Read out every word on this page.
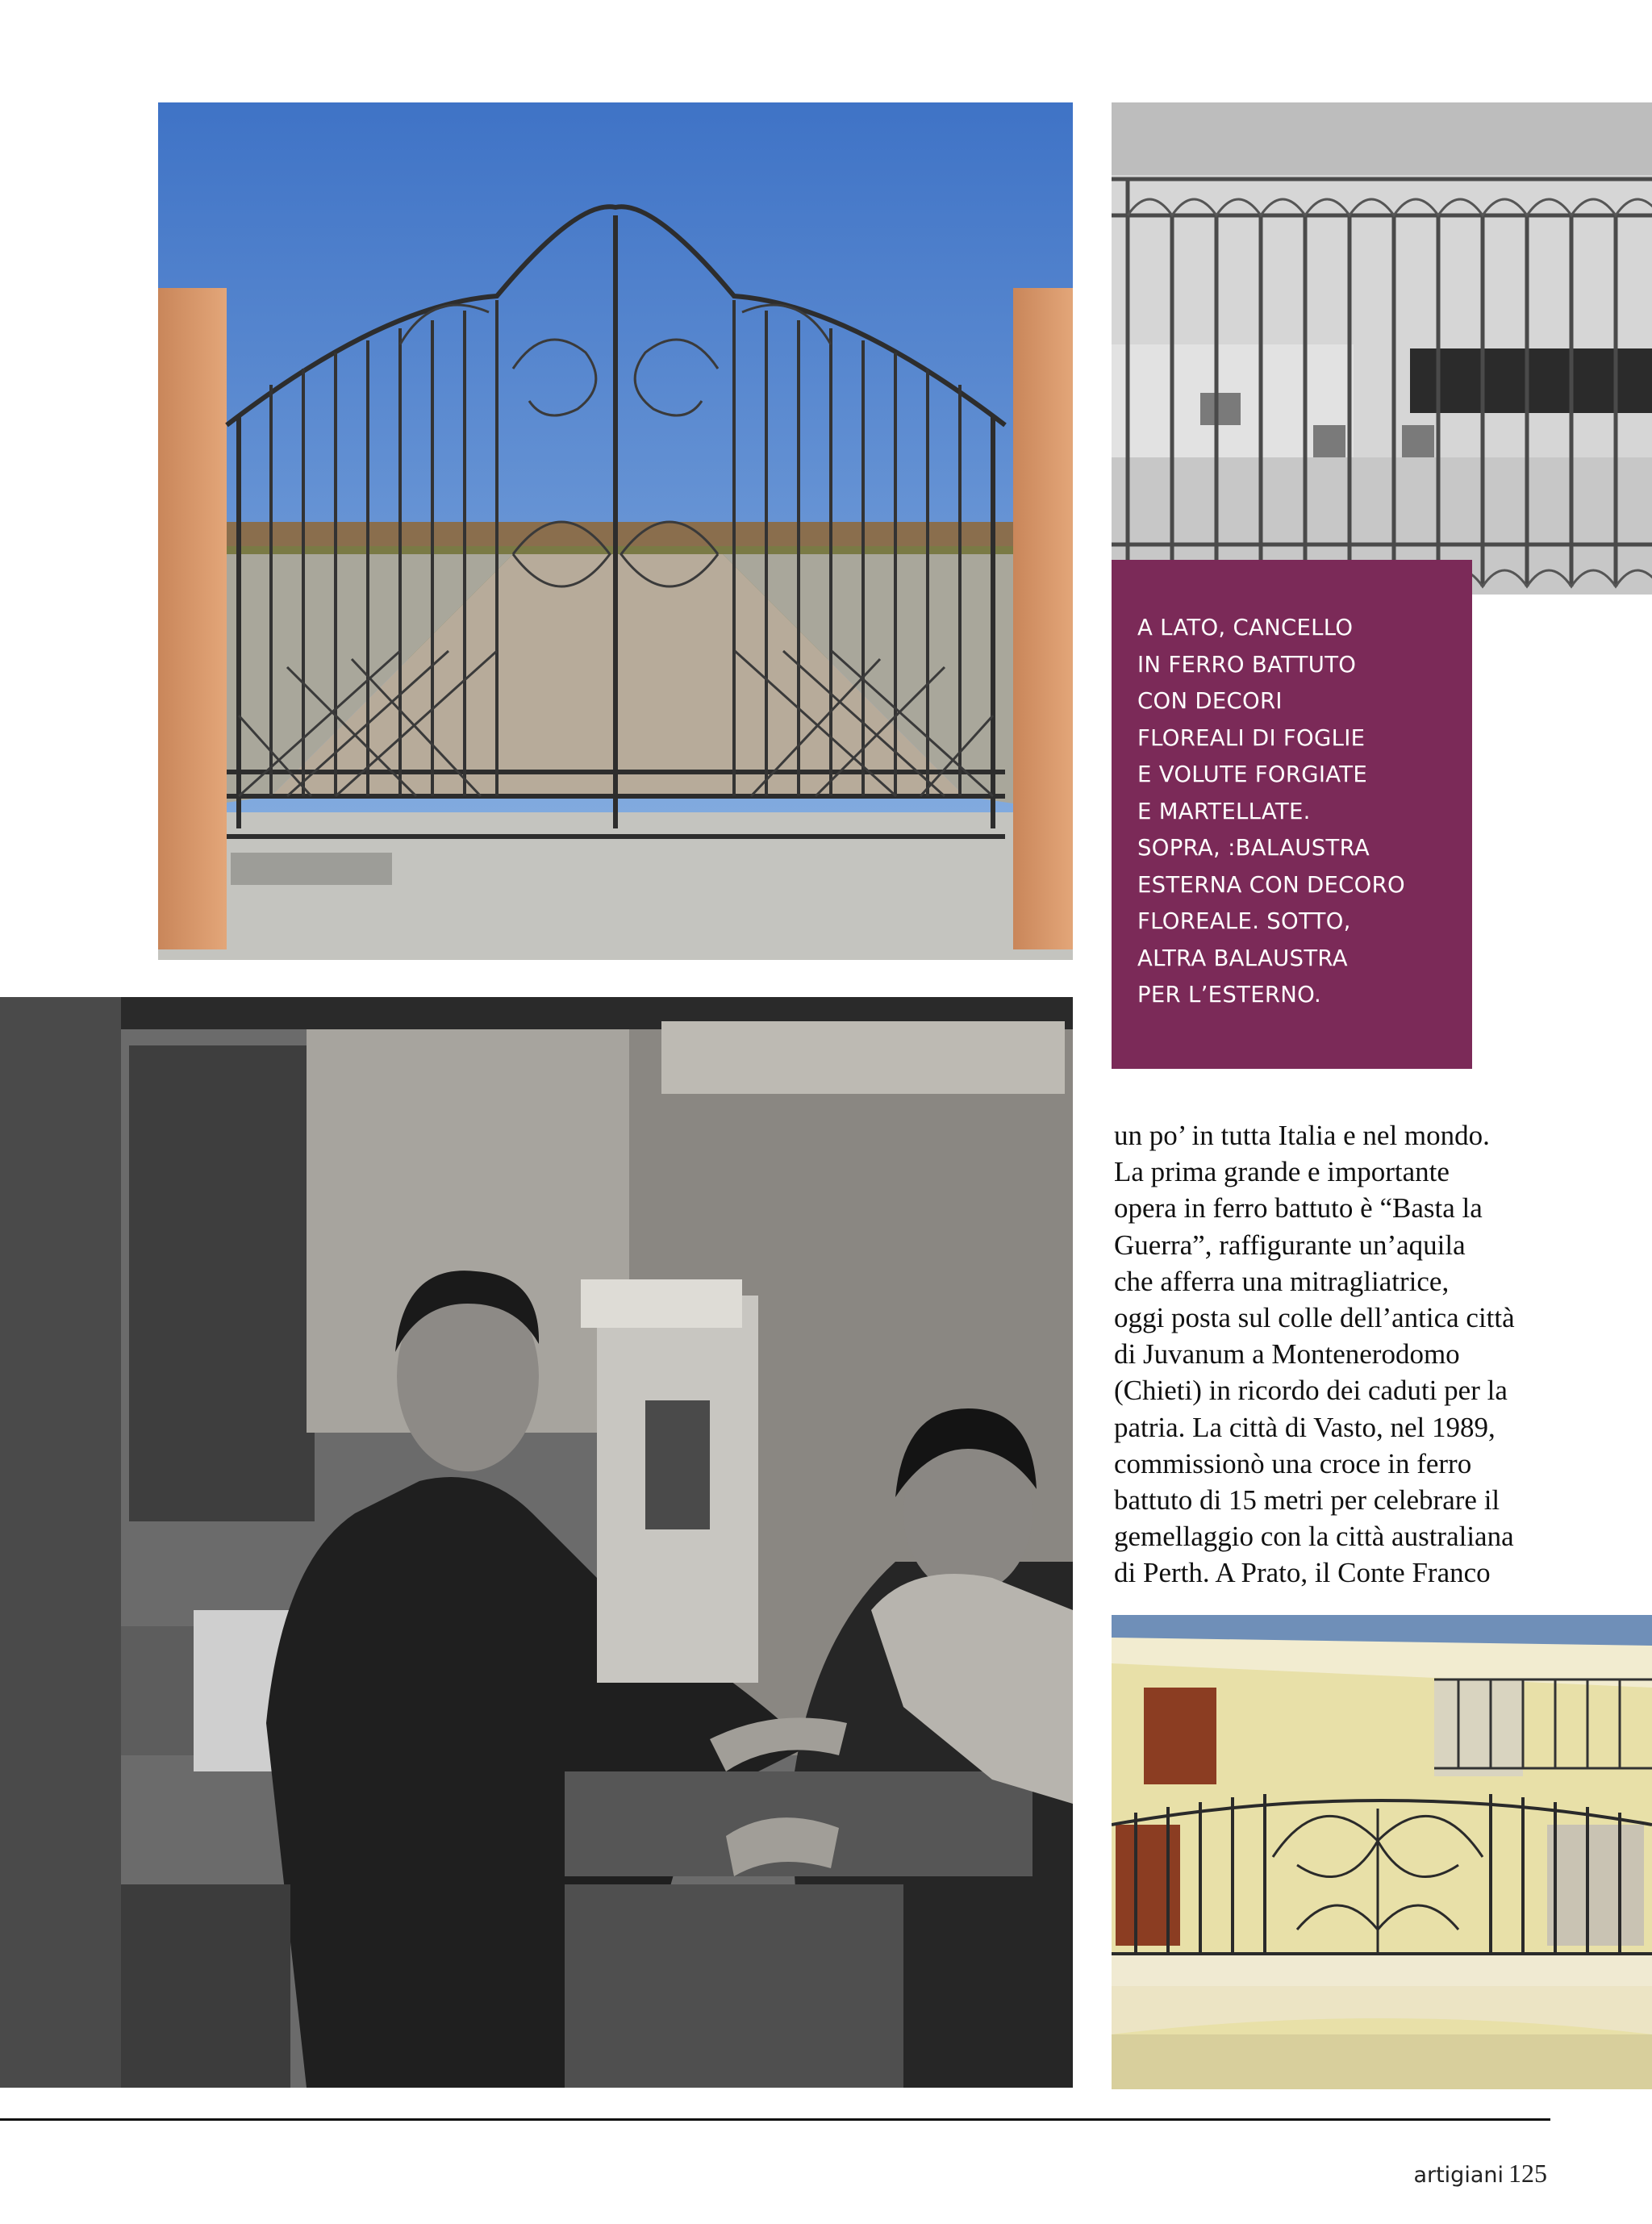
A LATO, CANCELLO
IN FERRO BATTUTO
CON DECORI
FLOREALI DI FOGLIE
E VOLUTE FORGIATE
E MARTELLATE.
SOPRA, :BALAUSTRA
ESTERNA CON DECORO
FLOREALE. SOTTO,
ALTRA BALAUSTRA
PER L’ESTERNO.
un po’ in tutta Italia e nel mondo.
La prima grande e importante
opera in ferro battuto è “Basta la
Guerra”, raffigurante un’aquila
che afferra una mitragliatrice,
oggi posta sul colle dell’antica città
di Juvanum a Montenerodomo
(Chieti) in ricordo dei caduti per la
patria. La città di Vasto, nel 1989,
commissionò una croce in ferro
battuto di 15 metri per celebrare il
gemellaggio con la città australiana
di Perth. A Prato, il Conte Franco
artigiani 125
